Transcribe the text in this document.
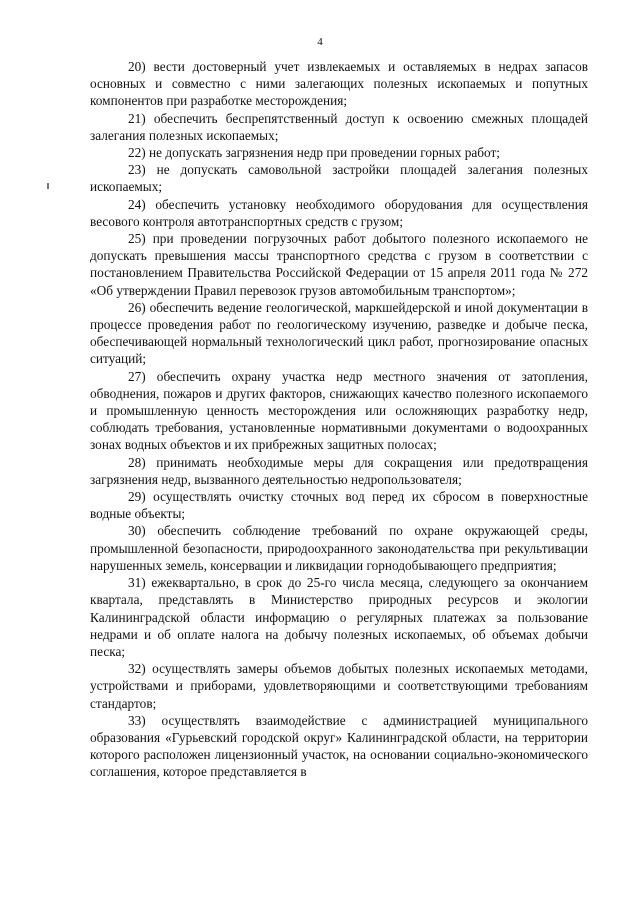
4

20) вести достоверный учет извлекаемых и оставляемых в недрах запасов основных и совместно с ними залегающих полезных ископаемых и попутных компонентов при разработке месторождения;

21) обеспечить беспрепятственный доступ к освоению смежных площадей залегания полезных ископаемых;

22) не допускать загрязнения недр при проведении горных работ;

23) не допускать самовольной застройки площадей залегания полезных ископаемых;

24) обеспечить установку необходимого оборудования для осуществления весового контроля автотранспортных средств с грузом;

25) при проведении погрузочных работ добытого полезного ископаемого не допускать превышения массы транспортного средства с грузом в соответствии с постановлением Правительства Российской Федерации от 15 апреля 2011 года № 272 «Об утверждении Правил перевозок грузов автомобильным транспортом»;

26) обеспечить ведение геологической, маркшейдерской и иной документации в процессе проведения работ по геологическому изучению, разведке и добыче песка, обеспечивающей нормальный технологический цикл работ, прогнозирование опасных ситуаций;

27) обеспечить охрану участка недр местного значения от затопления, обводнения, пожаров и других факторов, снижающих качество полезного ископаемого и промышленную ценность месторождения или осложняющих разработку недр, соблюдать требования, установленные нормативными документами о водоохранных зонах водных объектов и их прибрежных защитных полосах;

28) принимать необходимые меры для сокращения или предотвращения загрязнения недр, вызванного деятельностью недропользователя;

29) осуществлять очистку сточных вод перед их сбросом в поверхностные водные объекты;

30) обеспечить соблюдение требований по охране окружающей среды, промышленной безопасности, природоохранного законодательства при рекультивации нарушенных земель, консервации и ликвидации горнодобывающего предприятия;

31) ежеквартально, в срок до 25-го числа месяца, следующего за окончанием квартала, представлять в Министерство природных ресурсов и экологии Калининградской области информацию о регулярных платежах за пользование недрами и об оплате налога на добычу полезных ископаемых, об объемах добычи песка;

32) осуществлять замеры объемов добытых полезных ископаемых методами, устройствами и приборами, удовлетворяющими и соответствующими требованиям стандартов;

33) осуществлять взаимодействие с администрацией муниципального образования «Гурьевский городской округ» Калининградской области, на территории которого расположен лицензионный участок, на основании социально-экономического соглашения, которое представляется в
